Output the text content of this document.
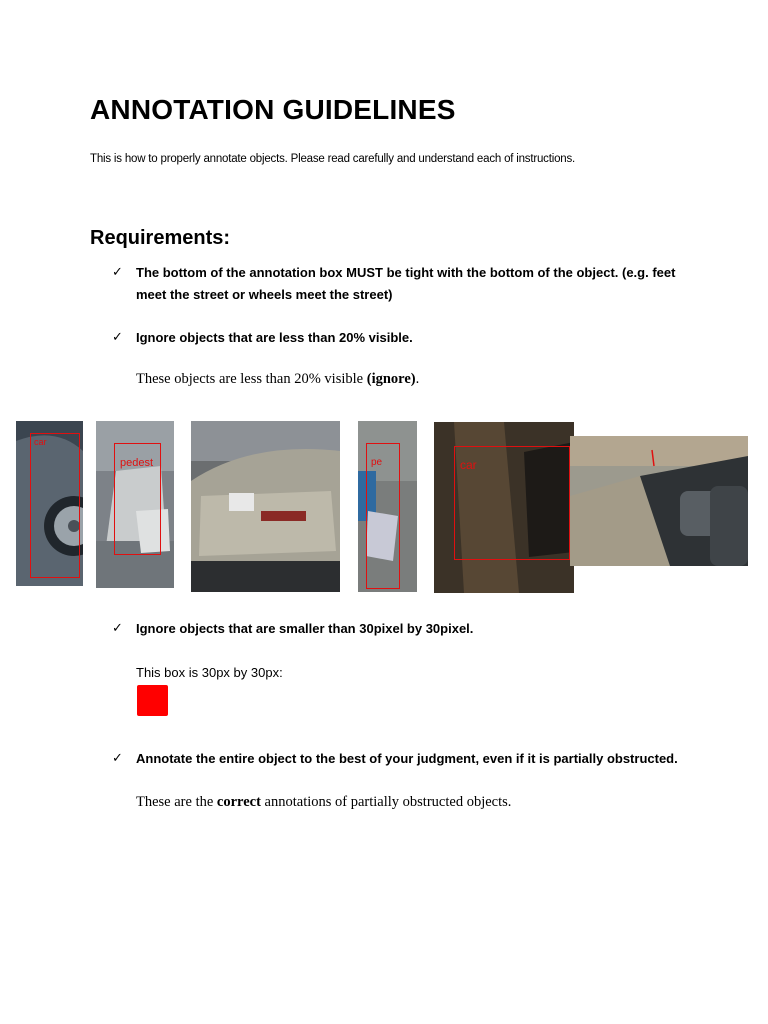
ANNOTATION GUIDELINES
This is how to properly annotate objects. Please read carefully and understand each of instructions.
Requirements:
✓ The bottom of the annotation box MUST be tight with the bottom of the object. (e.g. feet meet the street or wheels meet the street)
✓ Ignore objects that are less than 20% visible.
These objects are less than 20% visible (ignore).
car
pedest	pe	car
✓ Ignore objects that are smaller than 30pixel by 30pixel.
This box is 30px by 30px:
✓ Annotate the entire object to the best of your judgment, even if it is partially obstructed.
These are the correct annotations of partially obstructed objects.
